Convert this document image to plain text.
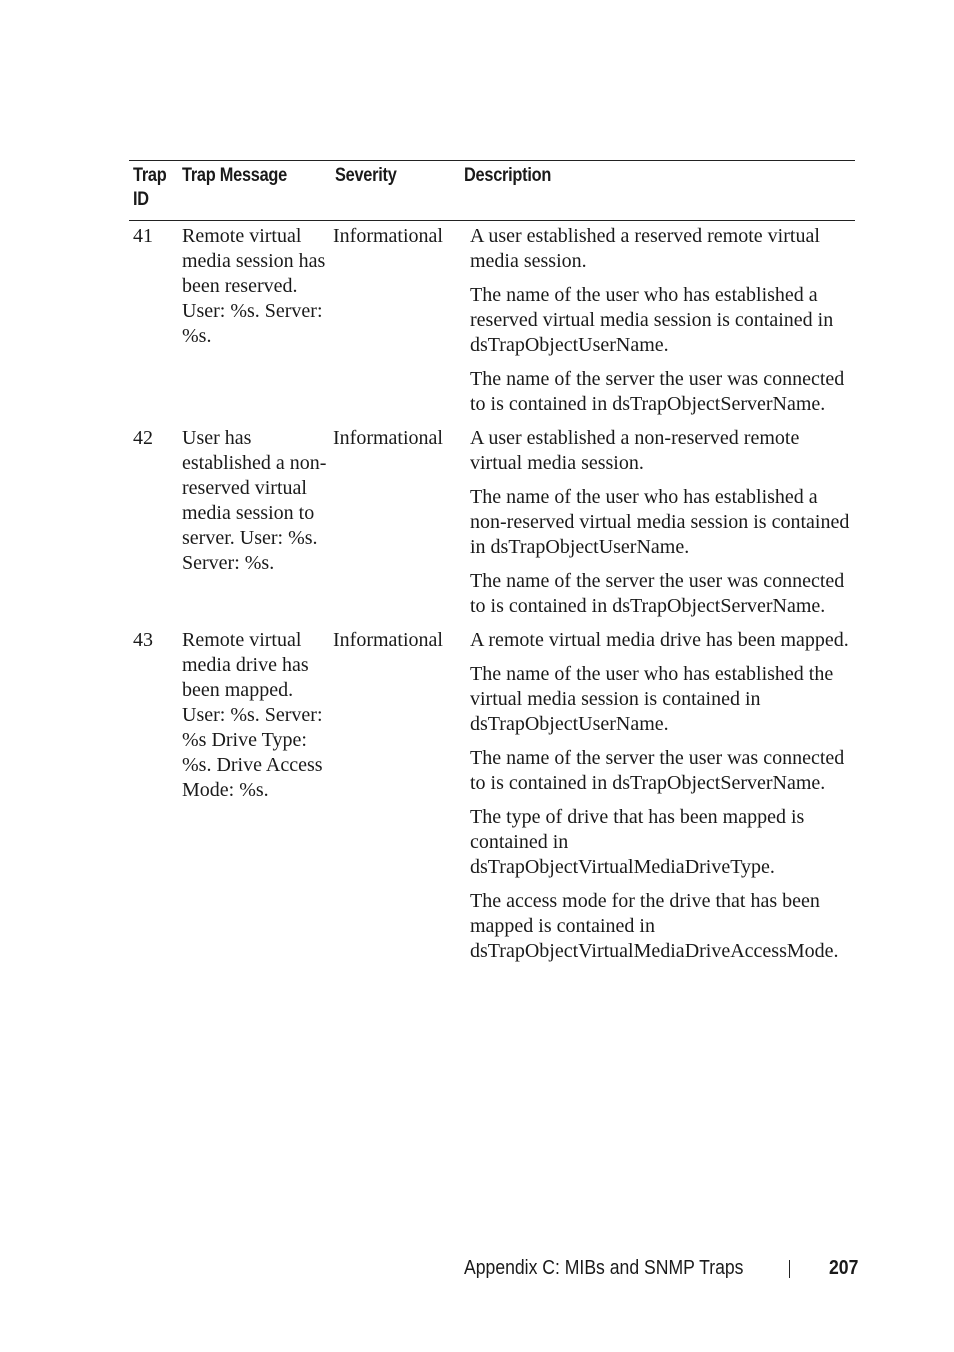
Trap
ID	Trap Message	Severity	Description
41	Remote virtual media session has been reserved. User: %s. Server: %s.	Informational	A user established a reserved remote virtual media session.

The name of the user who has established a reserved virtual media session is contained in dsTrapObjectUserName.

The name of the server the user was connected to is contained in dsTrapObjectServerName.

42	User has established a non-reserved virtual media session to server. User: %s. Server: %s.	Informational	A user established a non-reserved remote virtual media session.

The name of the user who has established a non-reserved virtual media session is contained in dsTrapObjectUserName.

The name of the server the user was connected to is contained in dsTrapObjectServerName.

43	Remote virtual media drive has been mapped. User: %s. Server: %s Drive Type: %s. Drive Access Mode: %s.	Informational	A remote virtual media drive has been mapped.

The name of the user who has established the virtual media session is contained in dsTrapObjectUserName.

The name of the server the user was connected to is contained in dsTrapObjectServerName.

The type of drive that has been mapped is contained in dsTrapObjectVirtualMediaDriveType.

The access mode for the drive that has been mapped is contained in dsTrapObjectVirtualMediaDriveAccessMode.

Appendix C: MIBs and SNMP Traps	207
